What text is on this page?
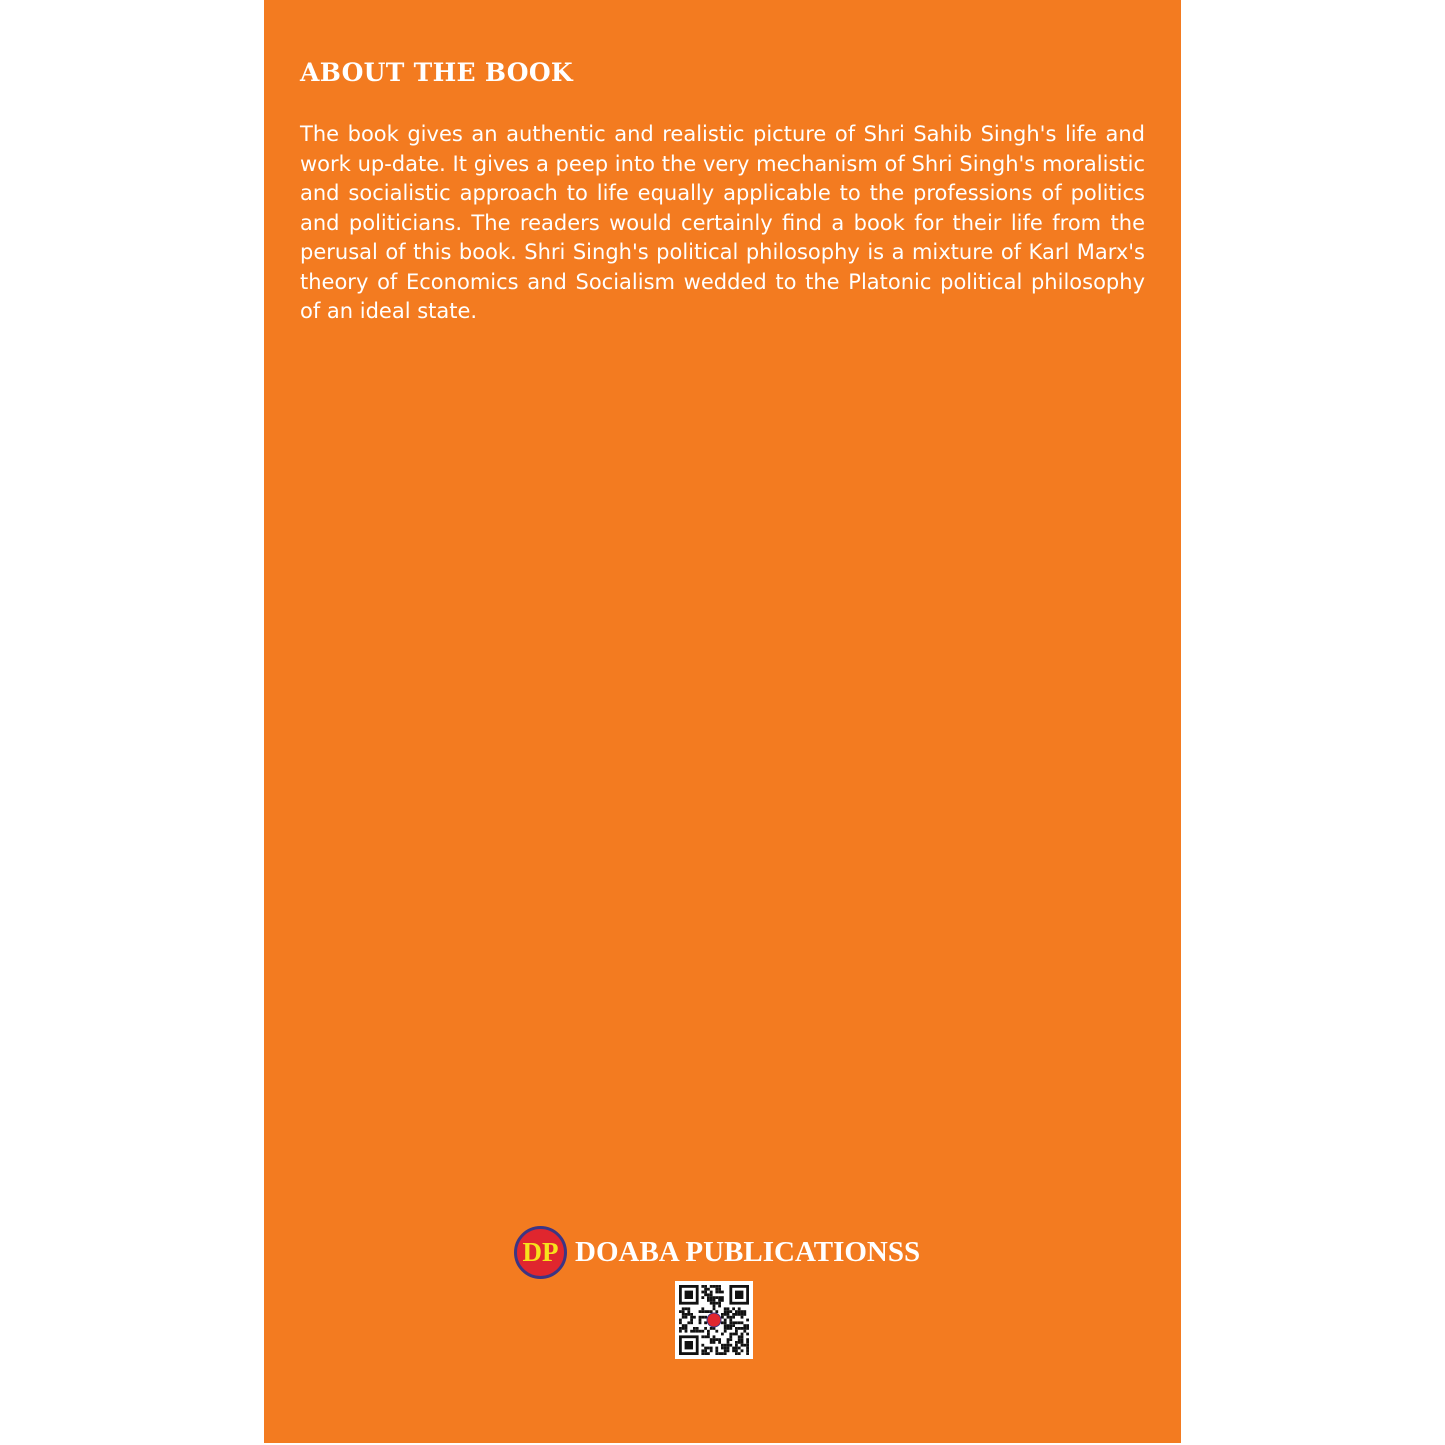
ABOUT THE BOOK

The book gives an authentic and realistic picture of Shri Sahib Singh's life and work up-date. It gives a peep into the very mechanism of Shri Singh's moralistic and socialistic approach to life equally applicable to the professions of politics and politicians. The readers would certainly find a book for their life from the perusal of this book. Shri Singh's political philosophy is a mixture of Karl Marx's theory of Economics and Socialism wedded to the Platonic political philosophy of an ideal state.

DP DOABA PUBLICATIONSS
